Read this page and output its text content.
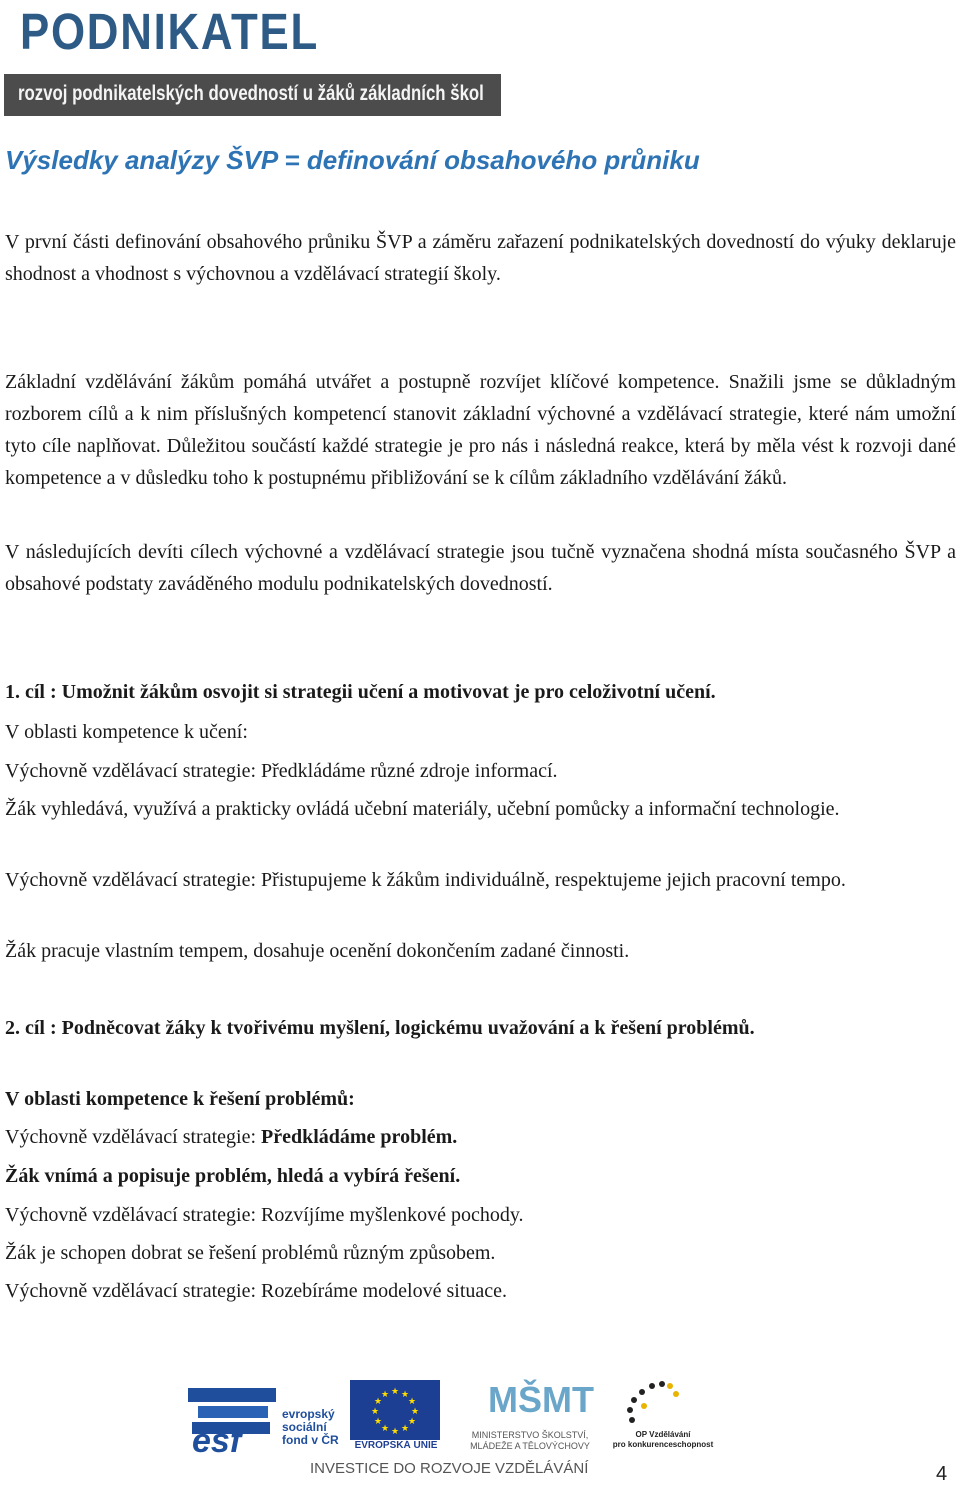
PODNIKATEL
rozvoj podnikatelských dovedností u žáků základních škol
Výsledky analýzy ŠVP = definování obsahového průniku

V první části definování obsahového průniku ŠVP a záměru zařazení podnikatelských dovedností do výuky deklaruje shodnost a vhodnost s výchovnou a vzdělávací strategií školy.

Základní vzdělávání žákům pomáhá utvářet a postupně rozvíjet klíčové kompetence. Snažili jsme se důkladným rozborem cílů a k nim příslušných kompetencí stanovit základní výchovné a vzdělávací strategie, které nám umožní tyto cíle naplňovat. Důležitou součástí každé strategie je pro nás i následná reakce, která by měla vést k rozvoji dané kompetence a v důsledku toho k postupnému přibližování se k cílům základního vzdělávání žáků.

V následujících devíti cílech výchovné a vzdělávací strategie jsou tučně vyznačena shodná místa současného ŠVP a obsahové podstaty zaváděného modulu podnikatelských dovedností.

1. cíl : Umožnit žákům osvojit si strategii učení a motivovat je pro celoživotní učení.

V oblasti kompetence k učení:

Výchovně vzdělávací strategie: Předkládáme různé zdroje informací.

Žák vyhledává, využívá a prakticky ovládá učební materiály, učební pomůcky a informační technologie.

Výchovně vzdělávací strategie: Přistupujeme k žákům individuálně, respektujeme jejich pracovní tempo.

Žák pracuje vlastním tempem, dosahuje ocenění dokončením zadané činnosti.

2. cíl : Podněcovat žáky k tvořivému myšlení, logickému uvažování a k řešení problémů.

V oblasti kompetence k řešení problémů:

Výchovně vzdělávací strategie: Předkládáme problém.

Žák vnímá a popisuje problém, hledá a vybírá řešení.

Výchovně vzdělávací strategie: Rozvíjíme myšlenkové pochody.

Žák je schopen dobrat se řešení problémů různým způsobem.

Výchovně vzdělávací strategie: Rozebíráme modelové situace.

esf
evropský
sociální
fond v ČR
★ ★
★
★
★
★
★
★
★
★
★
★
EVROPSKÁ UNIE
MŠMT
MINISTERSTVO ŠKOLSTVÍ,
MLÁDEŽE A TĚLOVÝCHOVY
OP Vzdělávání
pro konkurenceschopnost
INVESTICE DO ROZVOJE VZDĚLÁVÁNÍ	4
